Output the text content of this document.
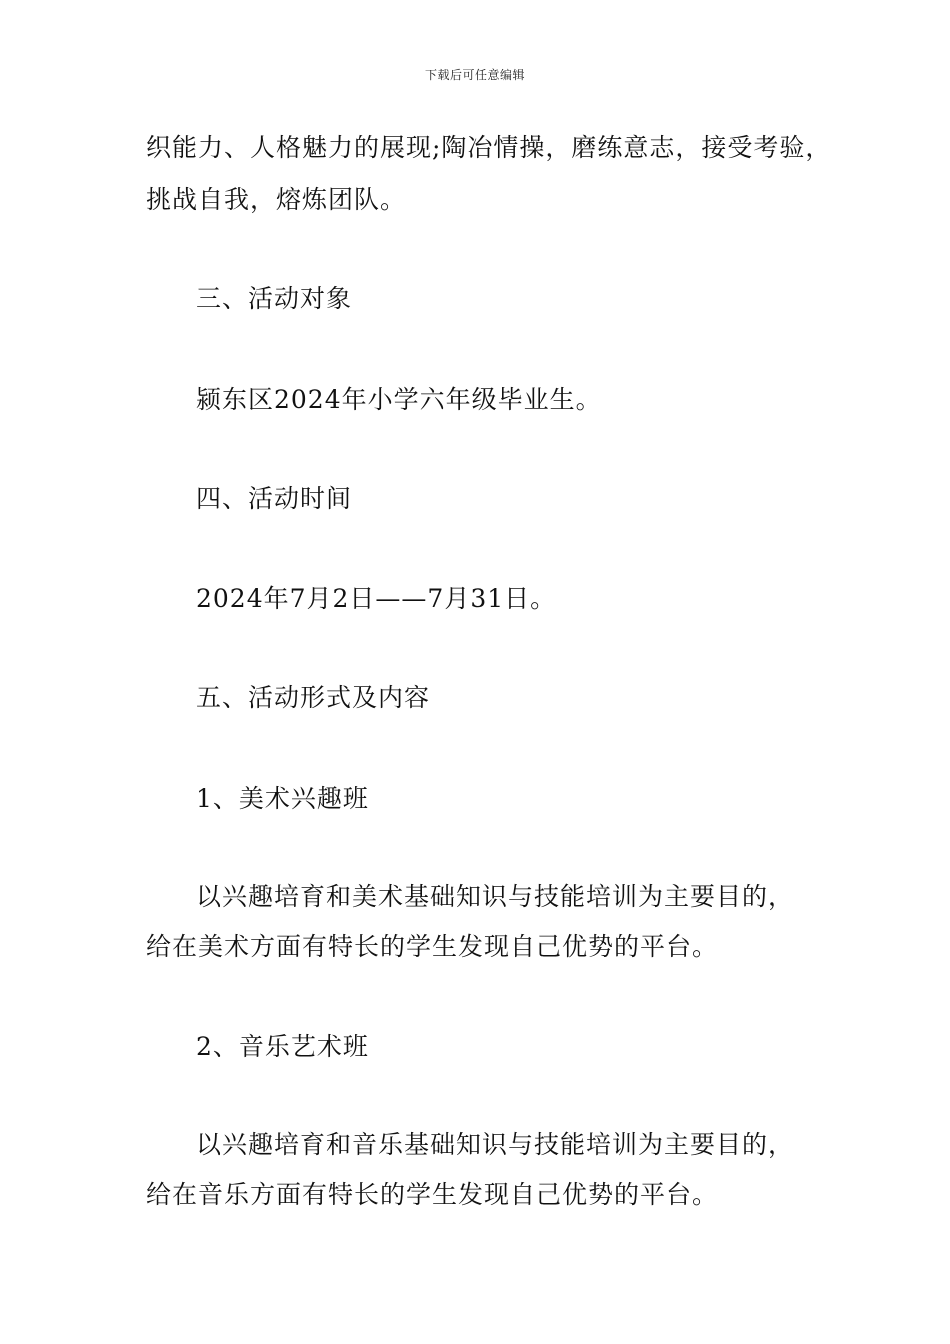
下载后可任意编辑
织能力、人格魅力的展现;陶冶情操，磨练意志，接受考验，
挑战自我，熔炼团队。
三、活动对象
颍东区2024年小学六年级毕业生。
四、活动时间
2024年7月2日——7月31日。
五、活动形式及内容
1、美术兴趣班
以兴趣培育和美术基础知识与技能培训为主要目的，
给在美术方面有特长的学生发现自己优势的平台。
2、音乐艺术班
以兴趣培育和音乐基础知识与技能培训为主要目的，
给在音乐方面有特长的学生发现自己优势的平台。
